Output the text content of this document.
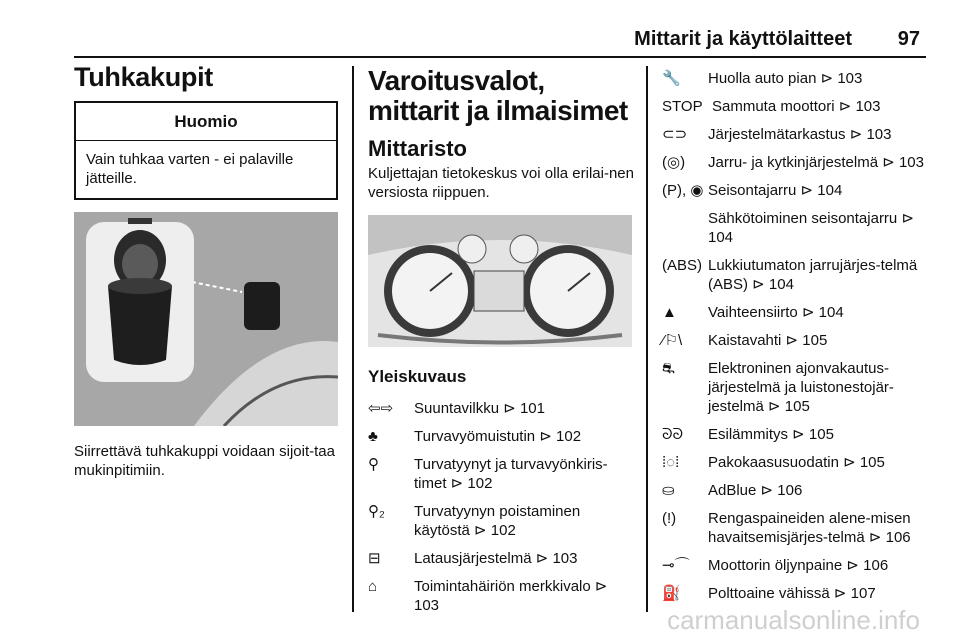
Mittarit ja käyttölaitteet 97
Tuhkakupit
Huomio
Vain tuhkaa varten - ei palaville jätteille.
Siirrettävä tuhkakuppi voidaan sijoit-taa mukinpitimiin.
Varoitusvalot, mittarit ja ilmaisimet
Mittaristo
Kuljettajan tietokeskus voi olla erilai-nen versiosta riippuen.
Yleiskuvaus
⇦⇨	Suuntavilkku ⊳ 101
♣	Turvavyömuistutin ⊳ 102
⚲	Turvatyynyt ja turvavyönkiris-timet ⊳ 102
⚲₂	Turvatyynyn poistaminen käytöstä ⊳ 102
⊟	Latausjärjestelmä ⊳ 103
⌂	Toimintahäiriön merkkivalo ⊳ 103
🔧	Huolla auto pian ⊳ 103
STOP Sammuta moottori ⊳ 103
⊂⊃	Järjestelmätarkastus ⊳ 103
(◎)	Jarru- ja kytkinjärjestelmä ⊳ 103
(P), ◉ Seisontajarru ⊳ 104
Sähkötoiminen seisontajarru ⊳ 104
(ABS) Lukkiutumaton jarrujärjes-telmä (ABS) ⊳ 104
▲	Vaihteensiirto ⊳ 104
⁄⚐\	Kaistavahti ⊳ 105
⛐	Elektroninen ajonvakautus-järjestelmä ja luistonestojär-jestelmä ⊳ 105
ᘐᘐ	Esilämmitys ⊳ 105
⁞◌⁞	Pakokaasusuodatin ⊳ 105
⛀	AdBlue ⊳ 106
(!)	Rengaspaineiden alene-misen havaitsemisjärjes-telmä ⊳ 106
⊸⌒	Moottorin öljynpaine ⊳ 106
⛽	Polttoaine vähissä ⊳ 107
carmanualsonline.info
